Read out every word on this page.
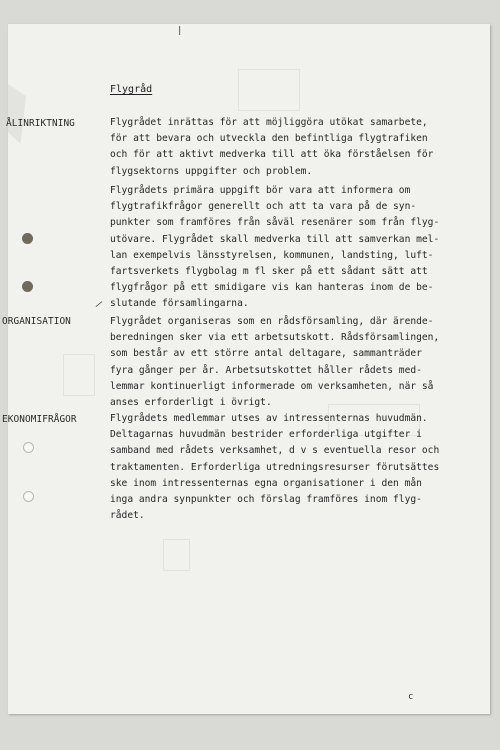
Flygråd
ÅLINRIKTNING
ORGANISATION
EKONOMIFRÅGOR
Flygrådet inrättas för att möjliggöra utökat samarbete,
för att bevara och utveckla den befintliga flygtrafiken
och för att aktivt medverka till att öka förståelsen för
flygsektorns uppgifter och problem.
Flygrådets primära uppgift bör vara att informera om
flygtrafikfrågor generellt och att ta vara på de syn-
punkter som framföres från såväl resenärer som från flyg-
utövare. Flygrådet skall medverka till att samverkan mel-
lan exempelvis länsstyrelsen, kommunen, landsting, luft-
fartsverkets flygbolag m fl sker på ett sådant sätt att
flygfrågor på ett smidigare vis kan hanteras inom de be-
slutande församlingarna.
Flygrådet organiseras som en rådsförsamling, där ärende-
beredningen sker via ett arbetsutskott. Rådsförsamlingen,
som består av ett större antal deltagare, sammanträder
fyra gånger per år. Arbetsutskottet håller rådets med-
lemmar kontinuerligt informerade om verksamheten, när så
anses erforderligt i övrigt.
Flygrådets medlemmar utses av intressenternas huvudmän.
Deltagarnas huvudmän bestrider erforderliga utgifter i
samband med rådets verksamhet, d v s eventuella resor och
traktamenten. Erforderliga utredningsresurser förutsättes
ske inom intressenternas egna organisationer i den mån
inga andra synpunkter och förslag framföres inom flyg-
rådet.
|
/
c
